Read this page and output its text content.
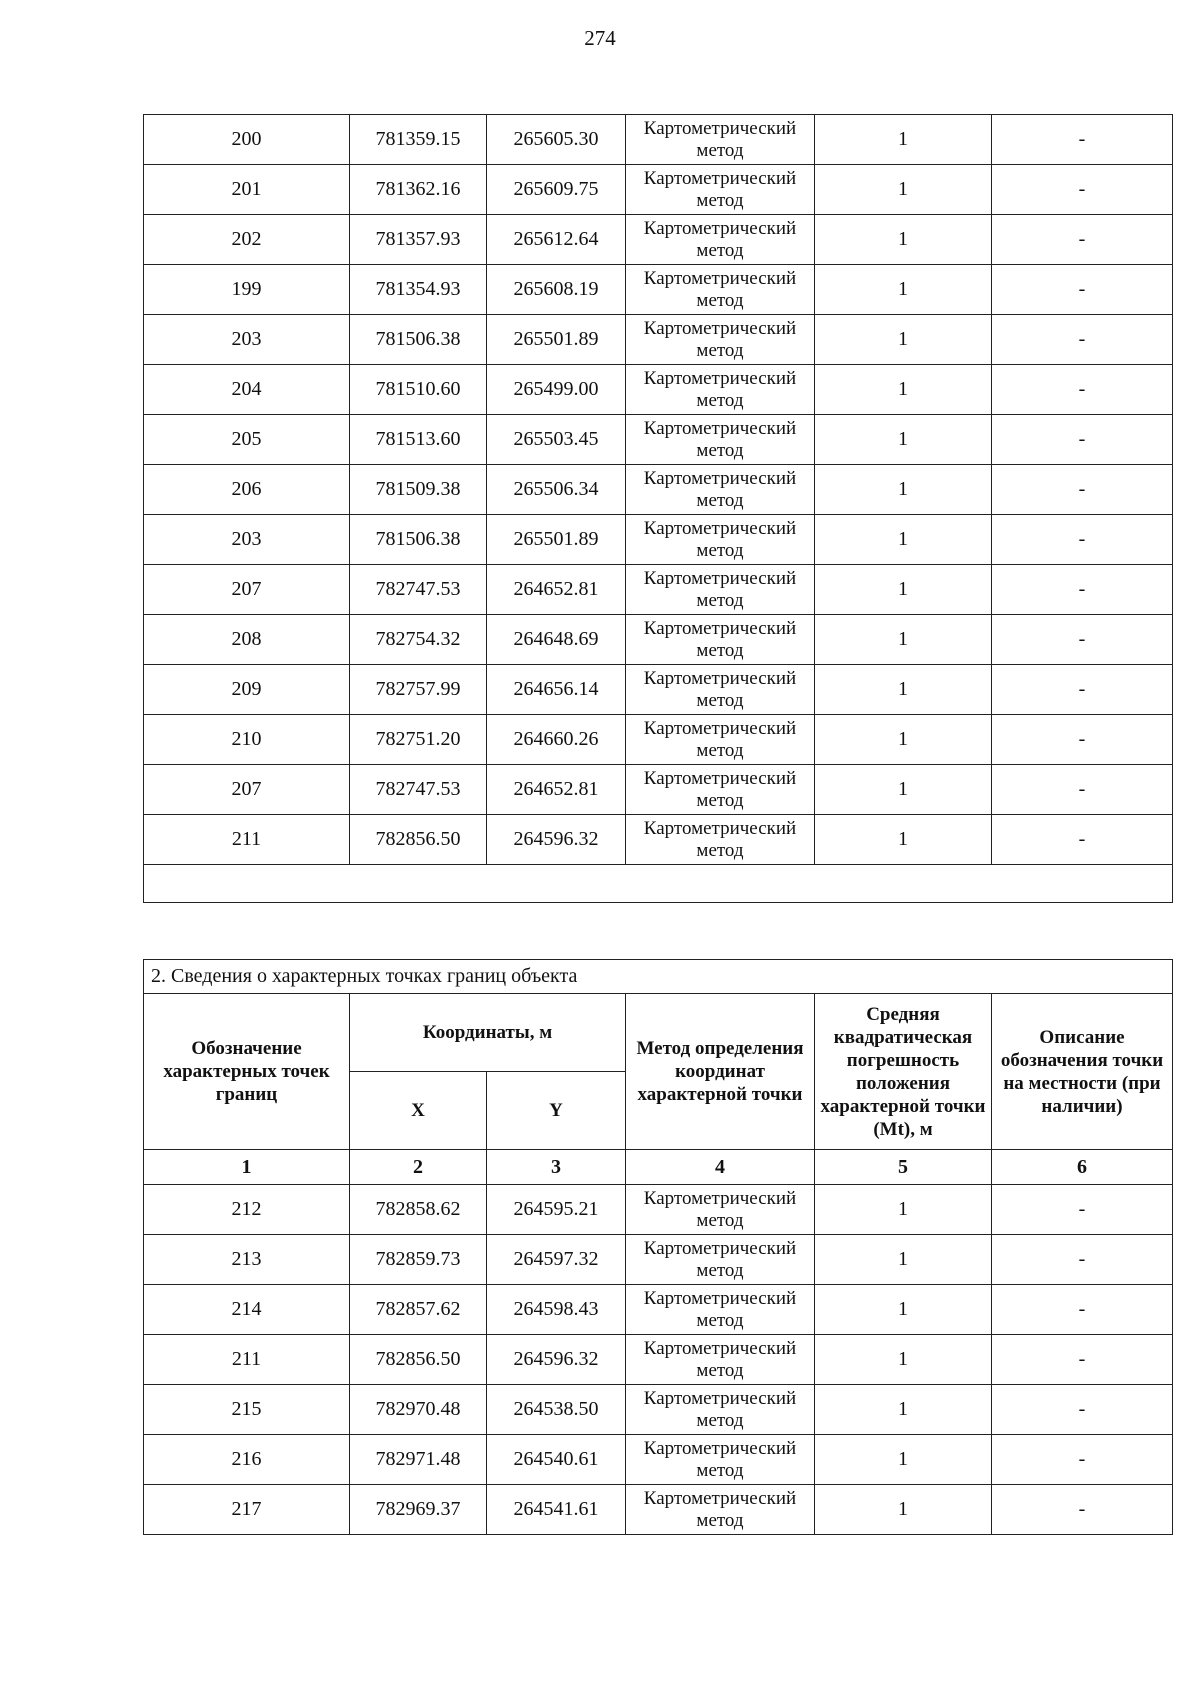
274
200	781359.15	265605.30	Картометрический метод	1	-
201	781362.16	265609.75	Картометрический метод	1	-
202	781357.93	265612.64	Картометрический метод	1	-
199	781354.93	265608.19	Картометрический метод	1	-
203	781506.38	265501.89	Картометрический метод	1	-
204	781510.60	265499.00	Картометрический метод	1	-
205	781513.60	265503.45	Картометрический метод	1	-
206	781509.38	265506.34	Картометрический метод	1	-
203	781506.38	265501.89	Картометрический метод	1	-
207	782747.53	264652.81	Картометрический метод	1	-
208	782754.32	264648.69	Картометрический метод	1	-
209	782757.99	264656.14	Картометрический метод	1	-
210	782751.20	264660.26	Картометрический метод	1	-
207	782747.53	264652.81	Картометрический метод	1	-
211	782856.50	264596.32	Картометрический метод	1	-

2. Сведения о характерных точках границ объекта					
Обозначение характерных точек границ	Координаты, м		Метод определения координат характерной точки	Средняя квадратическая погрешность положения характерной точки (Mt), м	Описание обозначения точки на местности (при наличии)
	X	Y			
1	2	3	4	5	6
212	782858.62	264595.21	Картометрический метод	1	-
213	782859.73	264597.32	Картометрический метод	1	-
214	782857.62	264598.43	Картометрический метод	1	-
211	782856.50	264596.32	Картометрический метод	1	-
215	782970.48	264538.50	Картометрический метод	1	-
216	782971.48	264540.61	Картометрический метод	1	-
217	782969.37	264541.61	Картометрический метод	1	-
